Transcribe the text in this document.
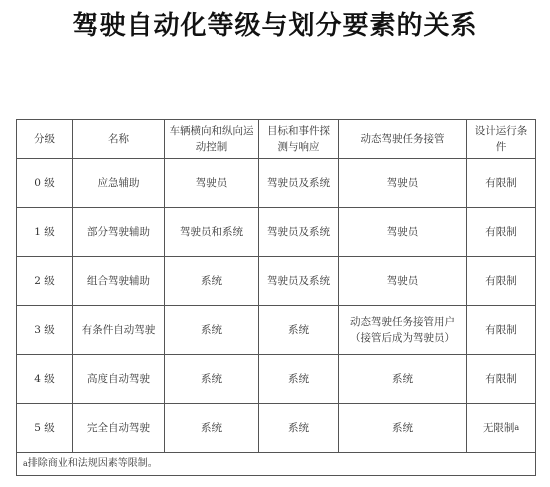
驾驶自动化等级与划分要素的关系
分级	名称	车辆横向和纵向运动控制	目标和事件探测与响应	动态驾驶任务接管	设计运行条件
0 级	应急辅助	驾驶员	驾驶员及系统	驾驶员	有限制
1 级	部分驾驶辅助	驾驶员和系统	驾驶员及系统	驾驶员	有限制
2 级	组合驾驶辅助	系统	驾驶员及系统	驾驶员	有限制
3 级	有条件自动驾驶	系统	系统	动态驾驶任务接管用户（接管后成为驾驶员）	有限制
4 级	高度自动驾驶	系统	系统	系统	有限制
5 级	完全自动驾驶	系统	系统	系统	无限制$^a$
$^a$排除商业和法规因素等限制。					
